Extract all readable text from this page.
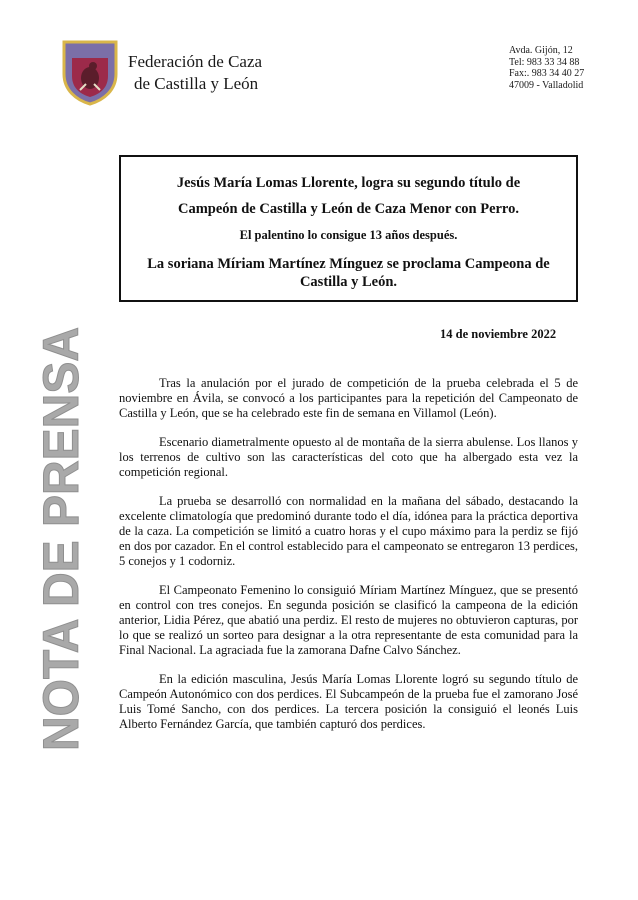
Federación de Caza
de Castilla y León
Avda. Gijón, 12
Tel: 983 33 34 88
Fax:. 983 34 40 27
47009 - Valladolid
Jesús María Lomas Llorente, logra su segundo título de
Campeón de Castilla y León de Caza Menor con Perro.
El palentino lo consigue 13 años después.
La soriana Míriam Martínez Mínguez se proclama Campeona de Castilla y León.
NOTA DE PRENSA	14 de noviembre 2022

Tras la anulación por el jurado de competición de la prueba celebrada el 5 de noviembre en Ávila, se convocó a los participantes para la repetición del Campeonato de Castilla y León, que se ha celebrado este fin de semana en Villamol (León).

Escenario diametralmente opuesto al de montaña de la sierra abulense. Los llanos y los terrenos de cultivo son las características del coto que ha albergado esta vez la competición regional.

La prueba se desarrolló con normalidad en la mañana del sábado, destacando la excelente climatología que predominó durante todo el día, idónea para la práctica deportiva de la caza. La competición se limitó a cuatro horas y el cupo máximo para la perdiz se fijó en dos por cazador. En el control establecido para el campeonato se entregaron 13 perdices, 5 conejos y 1 codorniz.

El Campeonato Femenino lo consiguió Míriam Martínez Mínguez, que se presentó en control con tres conejos. En segunda posición se clasificó la campeona de la edición anterior, Lidia Pérez, que abatió una perdiz. El resto de mujeres no obtuvieron capturas, por lo que se realizó un sorteo para designar a la otra representante de esta comunidad para la Final Nacional. La agraciada fue la zamorana Dafne Calvo Sánchez.

En la edición masculina, Jesús María Lomas Llorente logró su segundo título de Campeón Autonómico con dos perdices. El Subcampeón de la prueba fue el zamorano José Luis Tomé Sancho, con dos perdices. La tercera posición la consiguió el leonés Luis Alberto Fernández García, que también capturó dos perdices.
